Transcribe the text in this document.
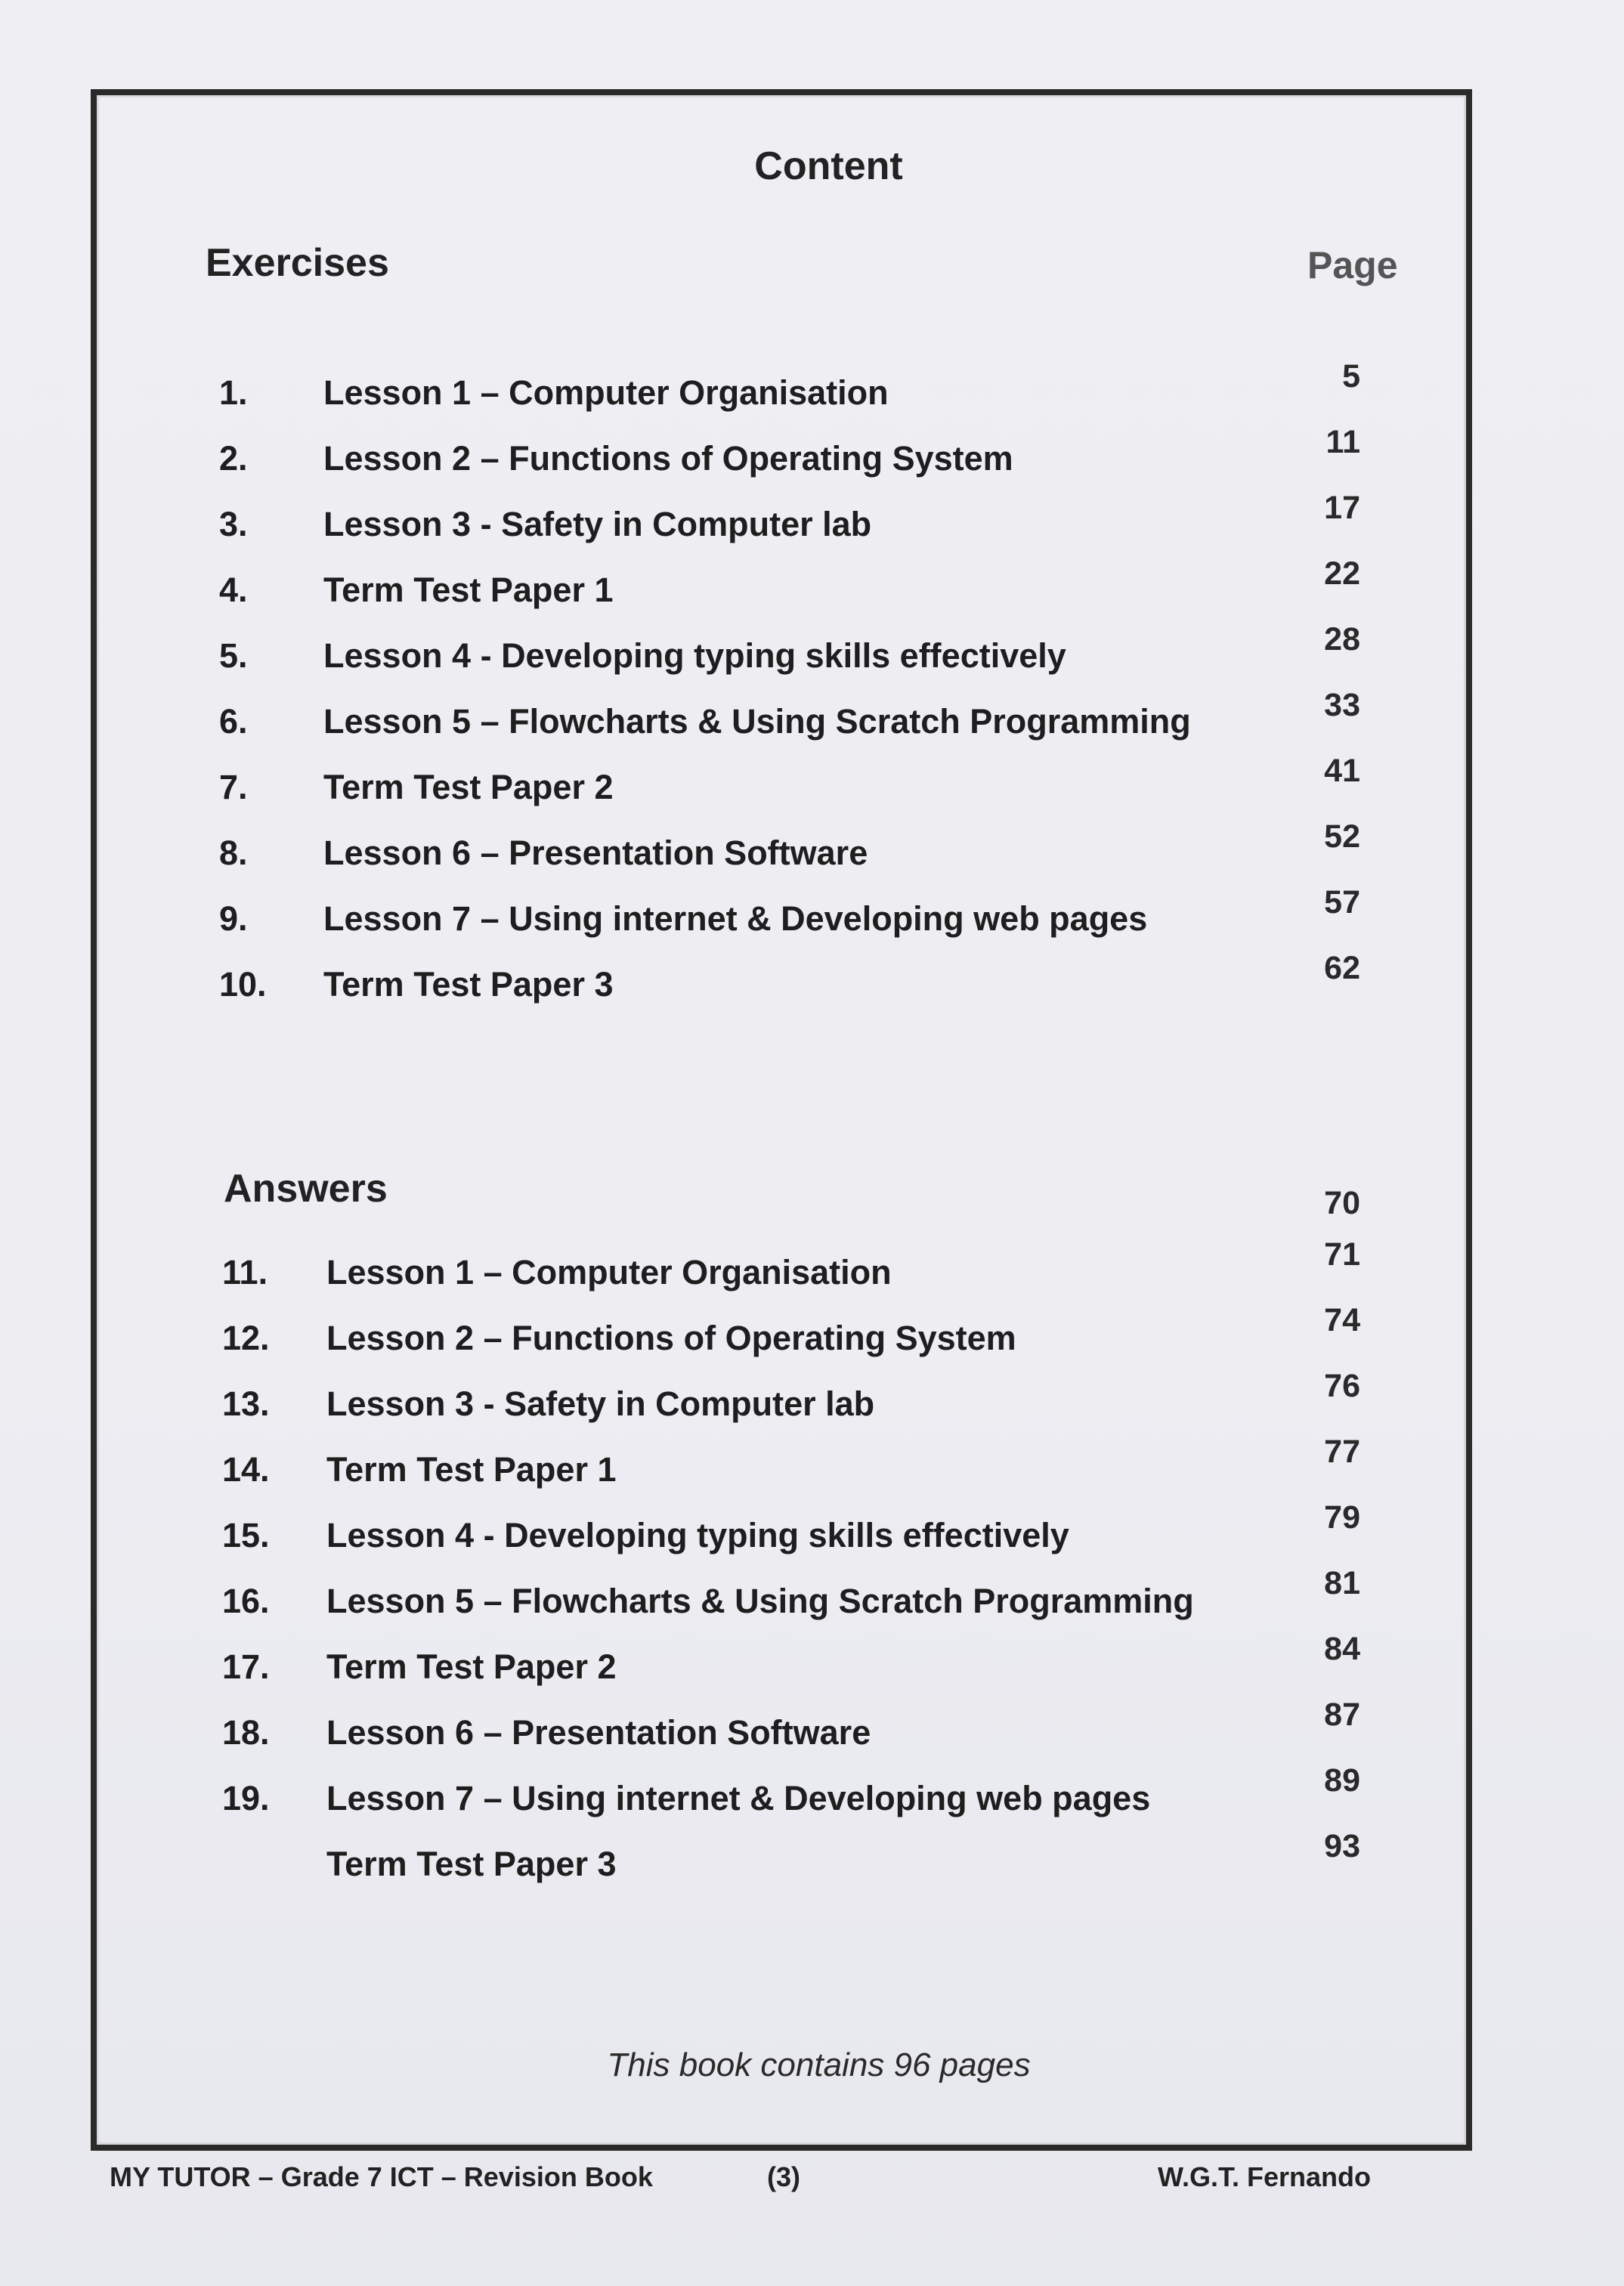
Content
Exercises	Page
1. Lesson 1 – Computer Organisation	5
2. Lesson 2 – Functions of Operating System	11
3. Lesson 3 - Safety in Computer lab	17
4. Term Test Paper 1	22
5. Lesson 4 - Developing typing skills effectively	28
6. Lesson 5 – Flowcharts & Using Scratch Programming	33
7. Term Test Paper 2	41
8. Lesson 6 – Presentation Software	52
9. Lesson 7 – Using internet & Developing web pages	57
10. Term Test Paper 3	62
Answers	70
11. Lesson 1 – Computer Organisation	71
12. Lesson 2 – Functions of Operating System	74
13. Lesson 3 - Safety in Computer lab	76
14. Term Test Paper 1	77
15. Lesson 4 - Developing typing skills effectively	79
16. Lesson 5 – Flowcharts & Using Scratch Programming	81
17. Term Test Paper 2	84
18. Lesson 6 – Presentation Software	87
19. Lesson 7 – Using internet & Developing web pages	89
Term Test Paper 3	93
This book contains 96 pages
MY TUTOR – Grade 7 ICT – Revision Book	(3)	W.G.T. Fernando
